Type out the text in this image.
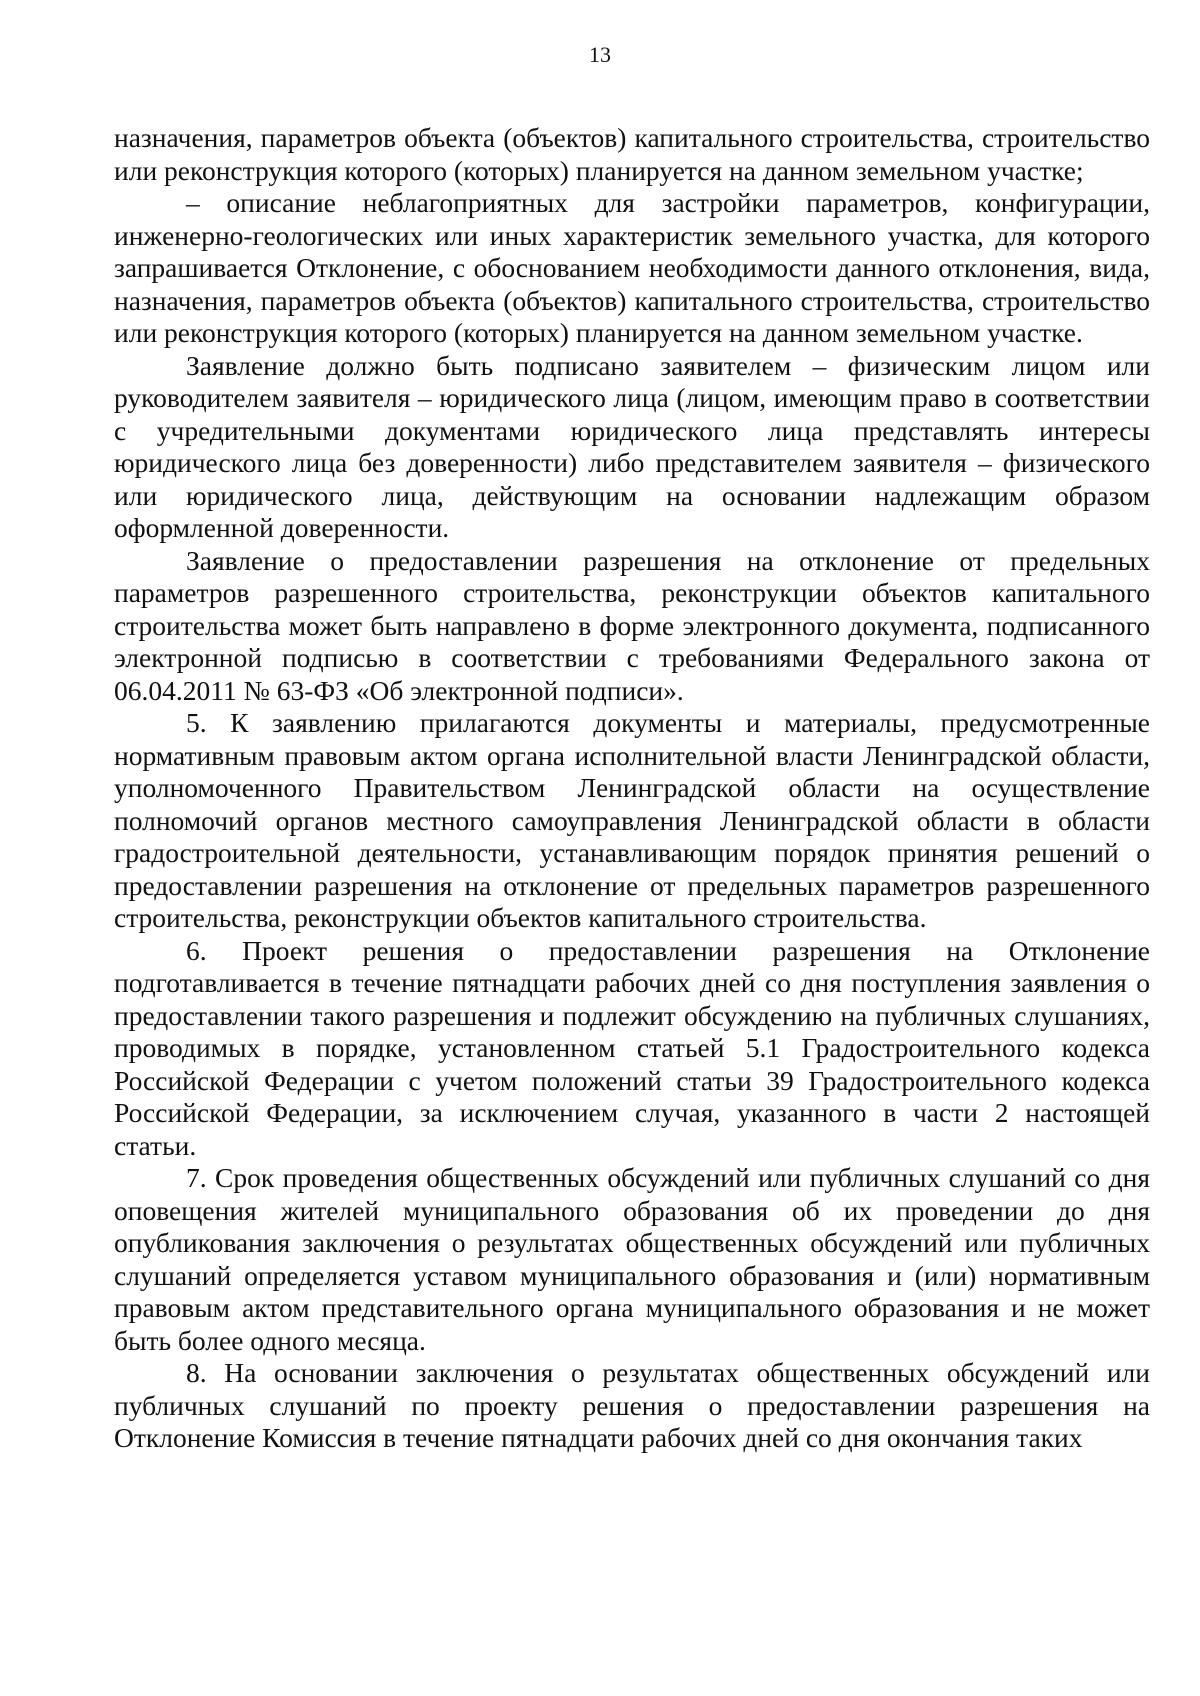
13

назначения, параметров объекта (объектов) капитального строительства, строительство или реконструкция которого (которых) планируется на данном земельном участке;

– описание неблагоприятных для застройки параметров, конфигурации, инженерно-геологических или иных характеристик земельного участка, для которого запрашивается Отклонение, с обоснованием необходимости данного отклонения, вида, назначения, параметров объекта (объектов) капитального строительства, строительство или реконструкция которого (которых) планируется на данном земельном участке.

Заявление должно быть подписано заявителем – физическим лицом или руководителем заявителя – юридического лица (лицом, имеющим право в соответствии с учредительными документами юридического лица представлять интересы юридического лица без доверенности) либо представителем заявителя – физического или юридического лица, действующим на основании надлежащим образом оформленной доверенности.

Заявление о предоставлении разрешения на отклонение от предельных параметров разрешенного строительства, реконструкции объектов капитального строительства может быть направлено в форме электронного документа, подписанного электронной подписью в соответствии с требованиями Федерального закона от 06.04.2011 № 63-ФЗ «Об электронной подписи».

5. К заявлению прилагаются документы и материалы, предусмотренные нормативным правовым актом органа исполнительной власти Ленинградской области, уполномоченного Правительством Ленинградской области на осуществление полномочий органов местного самоуправления Ленинградской области в области градостроительной деятельности, устанавливающим порядок принятия решений о предоставлении разрешения на отклонение от предельных параметров разрешенного строительства, реконструкции объектов капитального строительства.

6. Проект решения о предоставлении разрешения на Отклонение подготавливается в течение пятнадцати рабочих дней со дня поступления заявления о предоставлении такого разрешения и подлежит обсуждению на публичных слушаниях, проводимых в порядке, установленном статьей 5.1 Градостроительного кодекса Российской Федерации с учетом положений статьи 39 Градостроительного кодекса Российской Федерации, за исключением случая, указанного в части 2 настоящей статьи.

7. Срок проведения общественных обсуждений или публичных слушаний со дня оповещения жителей муниципального образования об их проведении до дня опубликования заключения о результатах общественных обсуждений или публичных слушаний определяется уставом муниципального образования и (или) нормативным правовым актом представительного органа муниципального образования и не может быть более одного месяца.

8. На основании заключения о результатах общественных обсуждений или публичных слушаний по проекту решения о предоставлении разрешения на Отклонение Комиссия в течение пятнадцати рабочих дней со дня окончания таких
